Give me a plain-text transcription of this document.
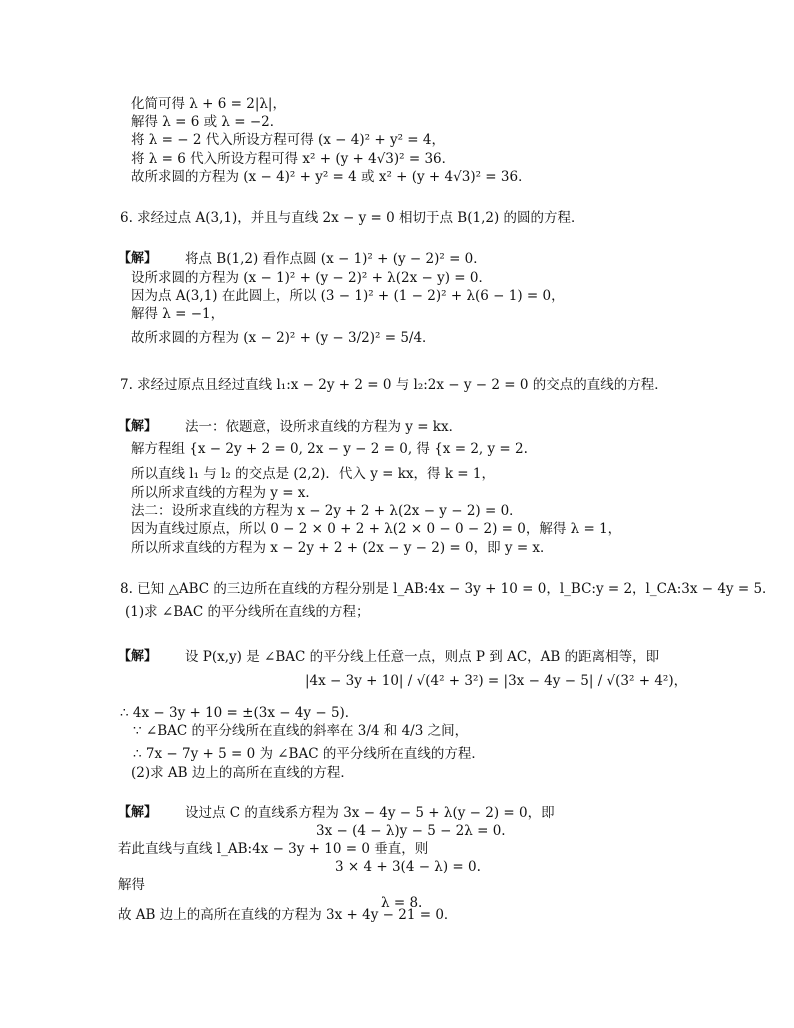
化简可得 λ + 6 = 2|λ|，
解得 λ = 6 或 λ = −2．
将 λ = − 2 代入所设方程可得 (x − 4)² + y² = 4，
将 λ = 6 代入所设方程可得 x² + (y + 4√3)² = 36．
故所求圆的方程为 (x − 4)² + y² = 4 或 x² + (y + 4√3)² = 36．
6. 求经过点 A(3,1)，并且与直线 2x − y = 0 相切于点 B(1,2) 的圆的方程．
【解】 将点 B(1,2) 看作点圆 (x − 1)² + (y − 2)² = 0．
设所求圆的方程为 (x − 1)² + (y − 2)² + λ(2x − y) = 0．
因为点 A(3,1) 在此圆上，所以 (3 − 1)² + (1 − 2)² + λ(6 − 1) = 0，
解得 λ = −1，
故所求圆的方程为 (x − 2)² + (y − 3/2)² = 5/4．
7. 求经过原点且经过直线 l₁:x − 2y + 2 = 0 与 l₂:2x − y − 2 = 0 的交点的直线的方程．
【解】 法一：依题意，设所求直线的方程为 y = kx．
解方程组 {x − 2y + 2 = 0, 2x − y − 2 = 0, 得 {x = 2, y = 2.
所以直线 l₁ 与 l₂ 的交点是 (2,2)．代入 y = kx，得 k = 1，
所以所求直线的方程为 y = x．
法二：设所求直线的方程为 x − 2y + 2 + λ(2x − y − 2) = 0．
因为直线过原点，所以 0 − 2 × 0 + 2 + λ(2 × 0 − 0 − 2) = 0，解得 λ = 1，
所以所求直线的方程为 x − 2y + 2 + (2x − y − 2) = 0，即 y = x．
8. 已知 △ABC 的三边所在直线的方程分别是 l_AB:4x − 3y + 10 = 0，l_BC:y = 2，l_CA:3x − 4y = 5．
(1)求 ∠BAC 的平分线所在直线的方程；
【解】 设 P(x,y) 是 ∠BAC 的平分线上任意一点，则点 P 到 AC，AB 的距离相等，即
|4x − 3y + 10| / √(4² + 3²) = |3x − 4y − 5| / √(3² + 4²)，
∴ 4x − 3y + 10 = ±(3x − 4y − 5)．
∵ ∠BAC 的平分线所在直线的斜率在 3/4 和 4/3 之间，
∴ 7x − 7y + 5 = 0 为 ∠BAC 的平分线所在直线的方程．
(2)求 AB 边上的高所在直线的方程．
【解】 设过点 C 的直线系方程为 3x − 4y − 5 + λ(y − 2) = 0，即
3x − (4 − λ)y − 5 − 2λ = 0.
若此直线与直线 l_AB:4x − 3y + 10 = 0 垂直，则
3 × 4 + 3(4 − λ) = 0.
解得
λ = 8.
故 AB 边上的高所在直线的方程为 3x + 4y − 21 = 0．
